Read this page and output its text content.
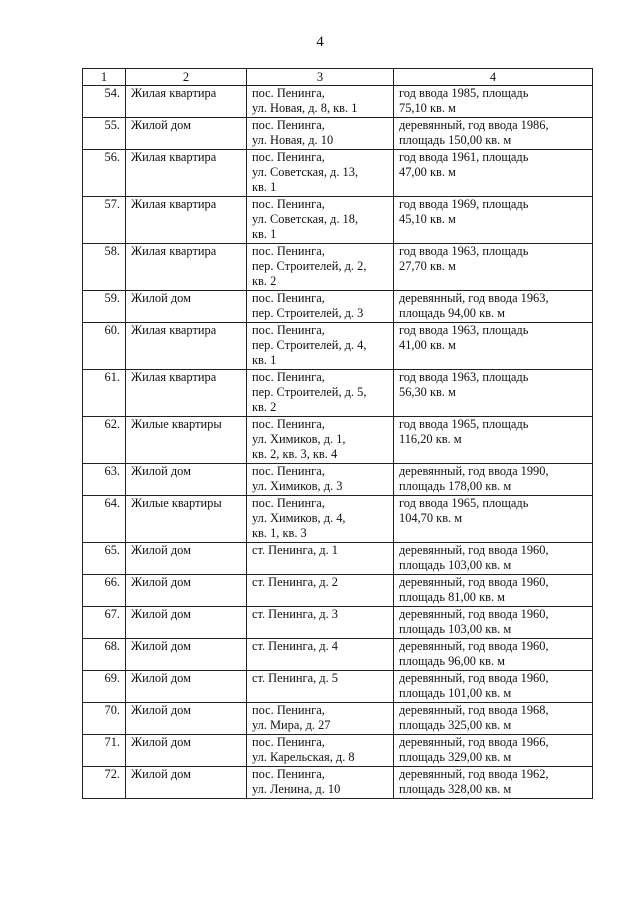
4
1	2	3	4
54.	Жилая квартира	пос. Пенинга,
ул. Новая, д. 8, кв. 1	год ввода 1985, площадь
75,10 кв. м

55.	Жилой дом	пос. Пенинга,
ул. Новая, д. 10	деревянный, год ввода 1986,
площадь 150,00 кв. м

56.	Жилая квартира	пос. Пенинга,
ул. Советская, д. 13,
кв. 1	год ввода 1961, площадь
47,00 кв. м

57.	Жилая квартира	пос. Пенинга,
ул. Советская, д. 18,
кв. 1	год ввода 1969, площадь
45,10 кв. м

58.	Жилая квартира	пос. Пенинга,
пер. Строителей, д. 2,
кв. 2	год ввода 1963, площадь
27,70 кв. м

59.	Жилой дом	пос. Пенинга,
пер. Строителей, д. 3	деревянный, год ввода 1963,
площадь 94,00 кв. м

60.	Жилая квартира	пос. Пенинга,
пер. Строителей, д. 4,
кв. 1	год ввода 1963, площадь
41,00 кв. м

61.	Жилая квартира	пос. Пенинга,
пер. Строителей, д. 5,
кв. 2	год ввода 1963, площадь
56,30 кв. м

62.	Жилые квартиры	пос. Пенинга,
ул. Химиков, д. 1,
кв. 2, кв. 3, кв. 4	год ввода 1965, площадь
116,20 кв. м

63.	Жилой дом	пос. Пенинга,
ул. Химиков, д. 3	деревянный, год ввода 1990,
площадь 178,00 кв. м

64.	Жилые квартиры	пос. Пенинга,
ул. Химиков, д. 4,
кв. 1, кв. 3	год ввода 1965, площадь
104,70 кв. м

65.	Жилой дом	ст. Пенинга, д. 1	деревянный, год ввода 1960,
площадь 103,00 кв. м

66.	Жилой дом	ст. Пенинга, д. 2	деревянный, год ввода 1960,
площадь 81,00 кв. м

67.	Жилой дом	ст. Пенинга, д. 3	деревянный, год ввода 1960,
площадь 103,00 кв. м

68.	Жилой дом	ст. Пенинга, д. 4	деревянный, год ввода 1960,
площадь 96,00 кв. м

69.	Жилой дом	ст. Пенинга, д. 5	деревянный, год ввода 1960,
площадь 101,00 кв. м

70.	Жилой дом	пос. Пенинга,
ул. Мира, д. 27	деревянный, год ввода 1968,
площадь 325,00 кв. м

71.	Жилой дом	пос. Пенинга,
ул. Карельская, д. 8	деревянный, год ввода 1966,
площадь 329,00 кв. м

72.	Жилой дом	пос. Пенинга,
ул. Ленина, д. 10	деревянный, год ввода 1962,
площадь 328,00 кв. м
